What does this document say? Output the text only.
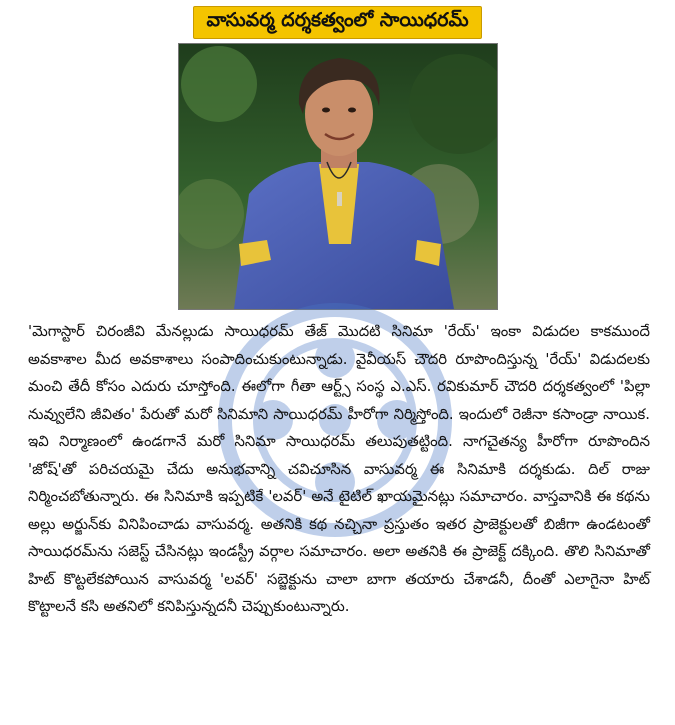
వాసువర్మ దర్శకత్వంలో సాయిధరమ్

'మెగాస్టార్ చిరంజీవి మేనల్లుడు సాయిధరమ్ తేజ్ మొదటి సినిమా 'రేయ్' ఇంకా విడుదల కాకముందే అవకాశాల మీద అవకాశాలు సంపాదించుకుంటున్నాడు. వైవీయస్ చౌదరి రూపొందిస్తున్న 'రేయ్' విడుదలకు మంచి తేదీ కోసం ఎదురు చూస్తోంది. ఈలోగా గీతా ఆర్ట్స్ సంస్థ ఎ.ఎస్. రవికుమార్ చౌదరి దర్శకత్వంలో 'పిల్లా నువ్వులేని జీవితం' పేరుతో మరో సినిమాని సాయిధరమ్ హీరోగా నిర్మిస్తోంది. ఇందులో రెజీనా కసాండ్రా నాయిక. ఇవి నిర్మాణంలో ఉండగానే మరో సినిమా సాయిధరమ్ తలుపుతట్టింది. నాగచైతన్య హీరోగా రూపొందిన 'జోష్'తో పరిచయమై చేదు అనుభవాన్ని చవిచూసిన వాసువర్మ ఈ సినిమాకి దర్శకుడు. దిల్ రాజు నిర్మించబోతున్నారు. ఈ సినిమాకి ఇప్పటికే 'లవర్' అనే టైటిల్ ఖాయమైనట్లు సమాచారం. వాస్తవానికి ఈ కథను అల్లు అర్జున్‌కు వినిపించాడు వాసువర్మ. అతనికి కథ నచ్చినా ప్రస్తుతం ఇతర ప్రాజెక్టులతో బిజీగా ఉండటంతో సాయిధరమ్‌ను సజెస్ట్ చేసినట్లు ఇండస్ట్రీ వర్గాల సమాచారం. అలా అతనికి ఈ ప్రాజెక్ట్ దక్కింది. తొలి సినిమాతో హిట్ కొట్టలేకపోయిన వాసువర్మ 'లవర్' సబ్జెక్టును చాలా బాగా తయారు చేశాడనీ, దీంతో ఎలాగైనా హిట్ కొట్టాలనే కసి అతనిలో కనిపిస్తున్నదనీ చెప్పుకుంటున్నారు.
